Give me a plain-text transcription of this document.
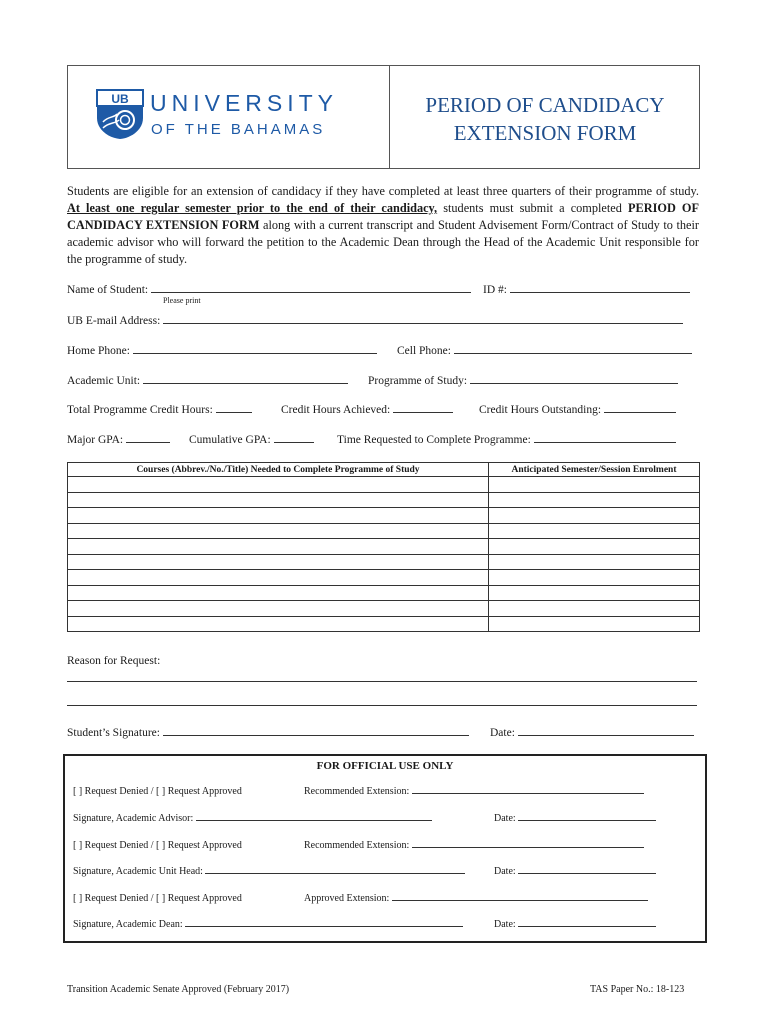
UB UNIVERSITY
OF THE BAHAMAS
PERIOD OF CANDIDACY
EXTENSION FORM
Students are eligible for an extension of candidacy if they have completed at least three quarters of their programme of study. At least one regular semester prior to the end of their candidacy, students must submit a completed PERIOD OF CANDIDACY EXTENSION FORM along with a current transcript and Student Advisement Form/Contract of Study to their academic advisor who will forward the petition to the Academic Dean through the Head of the Academic Unit responsible for the programme of study.
Name of Student:
Please print
ID #:
UB E-mail Address:
Home Phone:	Cell Phone:
Academic Unit:	Programme of Study:
Total Programme Credit Hours:	Credit Hours Achieved:	Credit Hours Outstanding:
Major GPA:	Cumulative GPA:	Time Requested to Complete Programme:
Courses (Abbrev./No./Title) Needed to Complete Programme of Study	Anticipated Semester/Session Enrolment

Reason for Request:
Student’s Signature:	Date:
FOR OFFICIAL USE ONLY
[ ] Request Denied / [ ] Request Approved	Recommended Extension:
Signature, Academic Advisor:	Date:
[ ] Request Denied / [ ] Request Approved	Recommended Extension:
Signature, Academic Unit Head:	Date:
[ ] Request Denied / [ ] Request Approved	Approved Extension:
Signature, Academic Dean:	Date:
Transition Academic Senate Approved (February 2017)	TAS Paper No.: 18-123
